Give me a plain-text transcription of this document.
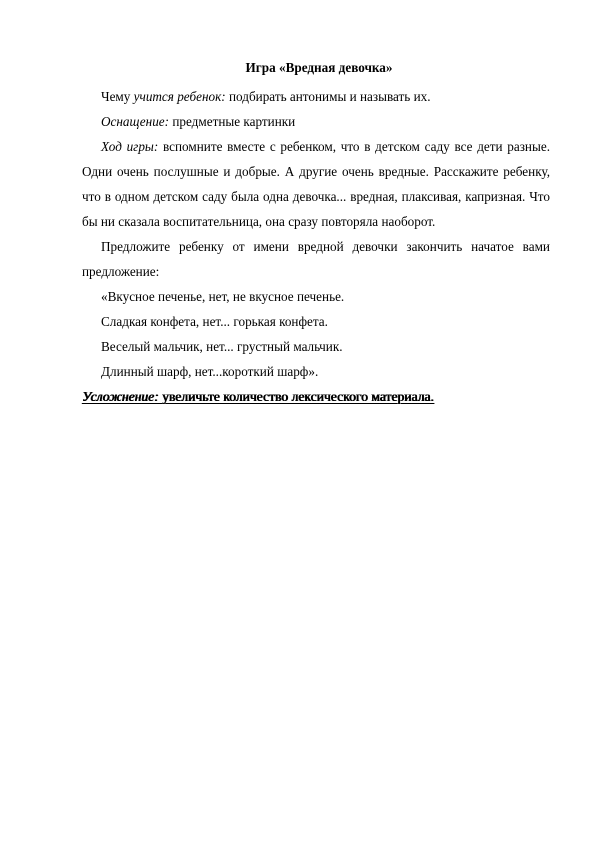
Игра «Вредная девочка»

Чему учится ребенок: подбирать антонимы и называть их.

Оснащение: предметные картинки

Ход игры: вспомните вместе с ребенком, что в детском саду все дети разные. Одни очень послушные и добрые. А другие очень вредные. Расскажите ребенку, что в одном детском саду была одна девочка... вредная, плаксивая, капризная. Что бы ни сказала воспитательница, она сразу повторяла наоборот.

Предложите ребенку от имени вредной девочки закончить начатое вами предложение:

«Вкусное печенье, нет, не вкусное печенье.

Сладкая конфета, нет... горькая конфета.

Веселый мальчик, нет... грустный мальчик.

Длинный шарф, нет...короткий шарф».

Усложнение: увеличьте количество лексического материала.
